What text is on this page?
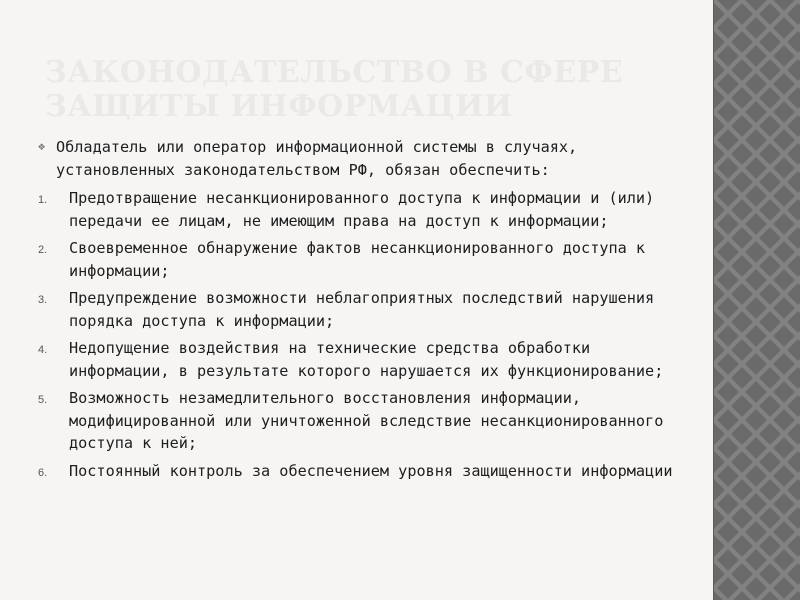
ЗАКОНОДАТЕЛЬСТВО В СФЕРЕ
ЗАЩИТЫ ИНФОРМАЦИИ
❖ Обладатель или оператор информационной системы в случаях, установленных законодательством РФ, обязан обеспечить:
1. Предотвращение несанкционированного доступа к информации и (или) передачи ее лицам, не имеющим права на доступ к информации;
2. Своевременное обнаружение фактов несанкционированного доступа к информации;
3. Предупреждение возможности неблагоприятных последствий нарушения порядка доступа к информации;
4. Недопущение воздействия на технические средства обработки информации, в результате которого нарушается их функционирование;
5. Возможность незамедлительного восстановления информации, модифицированной или уничтоженной вследствие несанкционированного доступа к ней;
6. Постоянный контроль за обеспечением уровня защищенности информации
